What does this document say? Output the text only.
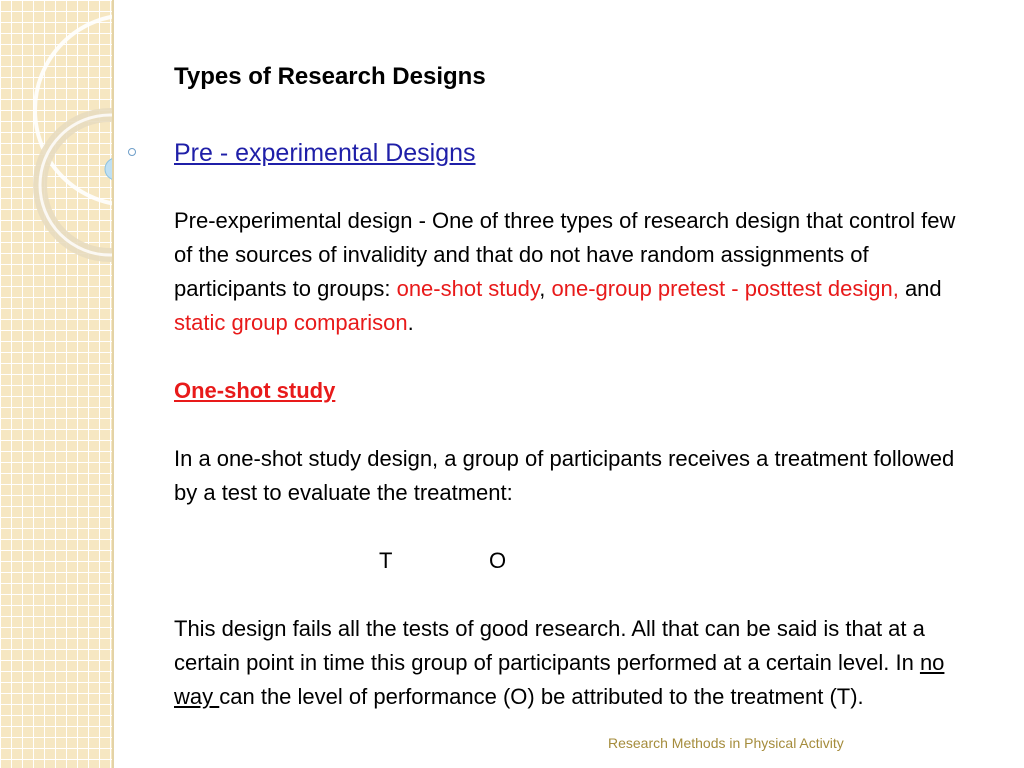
Types of Research Designs
Pre - experimental Designs
Pre-experimental design - One of three types of research design that control few of the sources of invalidity and that do not have random assignments of participants to groups: one-shot study, one-group pretest - posttest design, and static group comparison.
One-shot study
In a one-shot study design, a group of participants receives a treatment followed by a test to evaluate the treatment:
T	O
This design fails all the tests of good research. All that can be said is that at a certain point in time this group of participants performed at a certain level. In no way can the level of performance (O) be attributed to the treatment (T).
Research Methods in Physical Activity
